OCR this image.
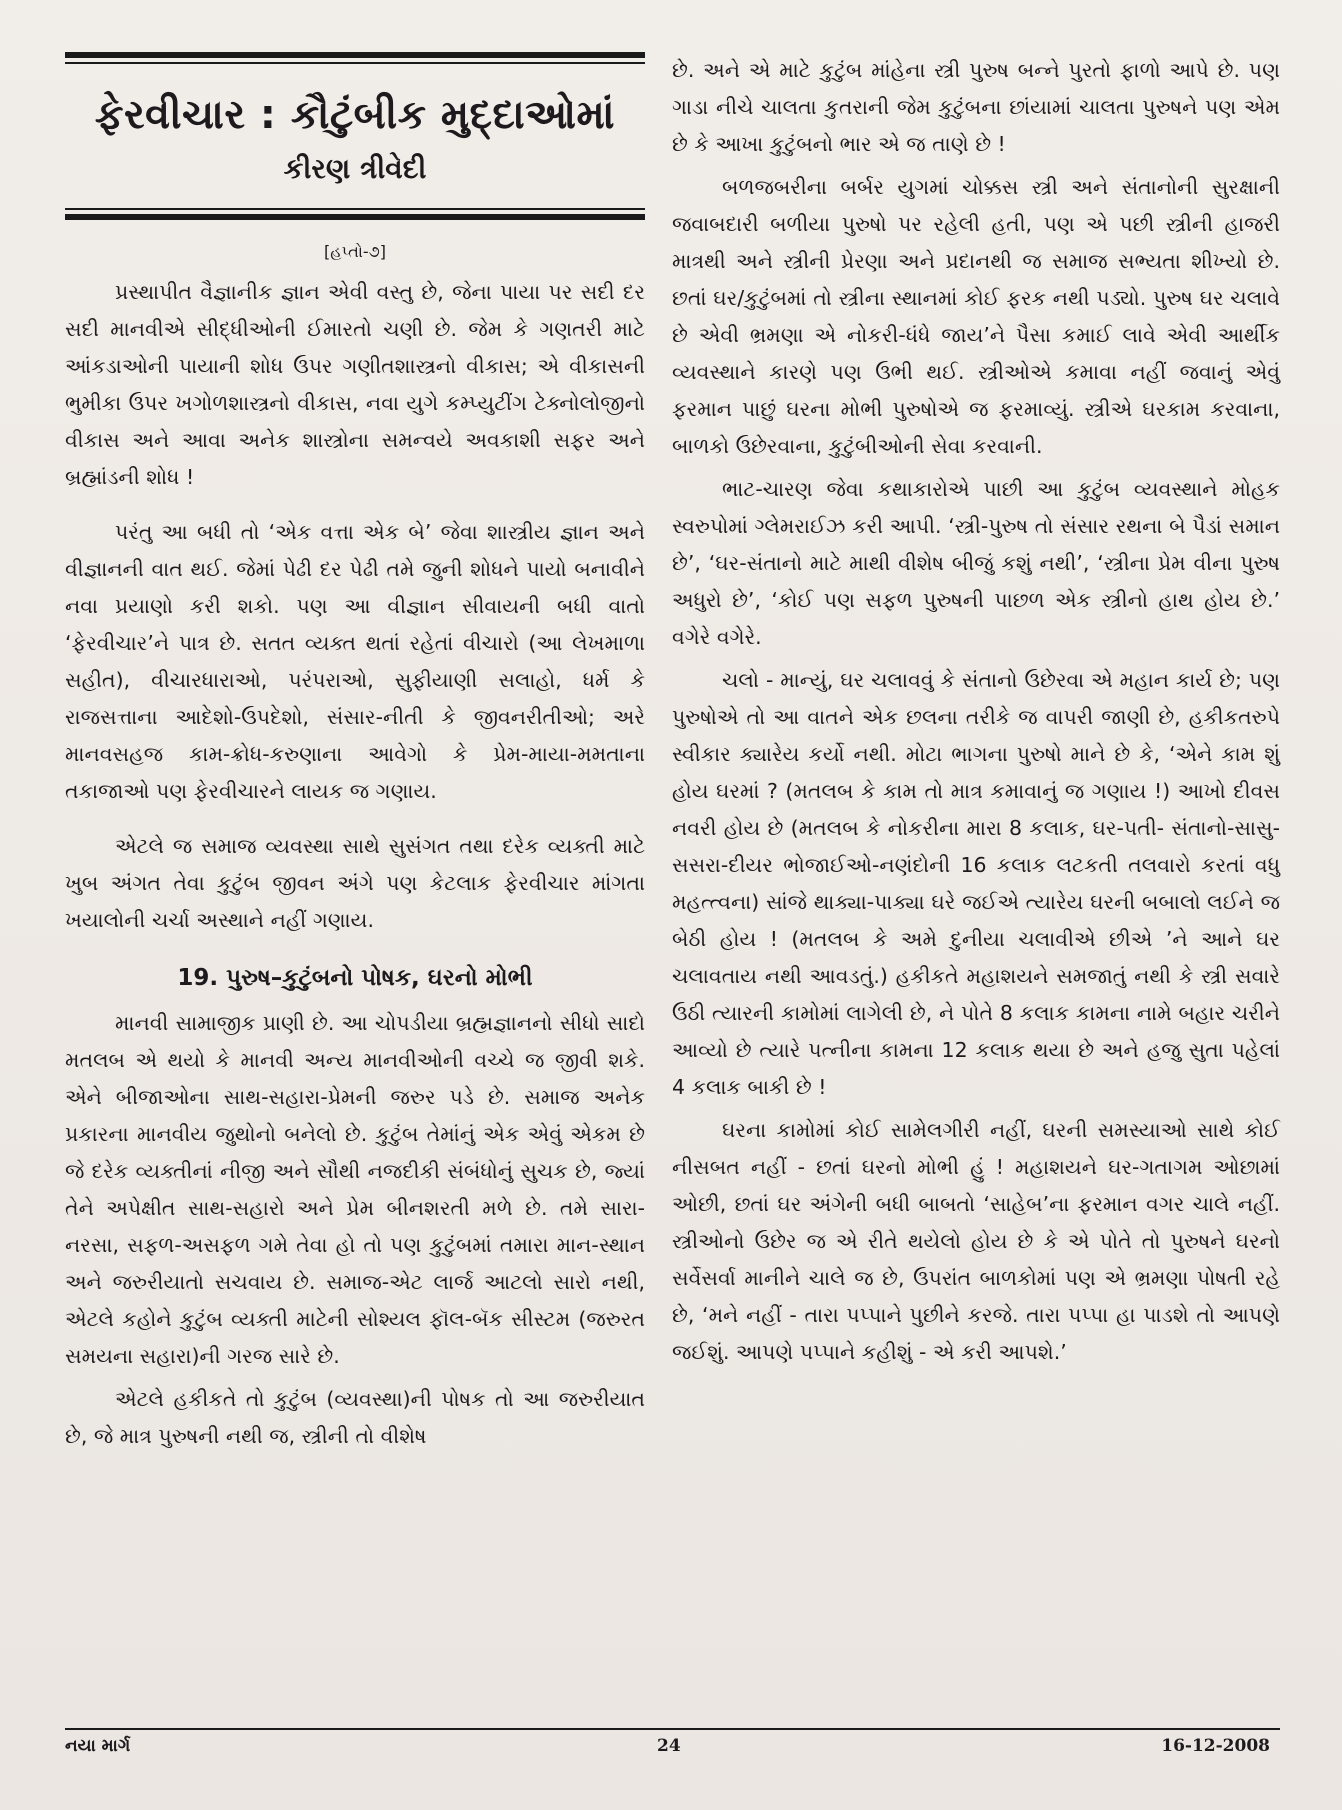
ફેરવીચાર : કૌટુંબીક મુદ્દાઓમાં
કીરણ ત્રીવેદી
[હપ્તો-૭]

પ્રસ્થાપીત વૈજ્ઞાનીક જ્ઞાન એવી વસ્તુ છે, જેના પાયા પર સદી દર સદી માનવીએ સીદ્ધીઓની ઈમારતો ચણી છે. જેમ કે ગણતરી માટે આંકડાઓની પાયાની શોધ ઉપર ગણીતશાસ્ત્રનો વીકાસ; એ વીકાસની ભુમીકા ઉપર ખગોળશાસ્ત્રનો વીકાસ, નવા યુગે કમ્પ્યુટીંગ ટેક્નોલોજીનો વીકાસ અને આવા અનેક શાસ્ત્રોના સમન્વયે અવકાશી સફર અને બ્રહ્માંડની શોધ !

પરંતુ આ બધી તો ‘એક વત્તા એક બે’ જેવા શાસ્ત્રીય જ્ઞાન અને વીજ્ઞાનની વાત થઈ. જેમાં પેઢી દર પેઢી તમે જુની શોધને પાયો બનાવીને નવા પ્રયાણો કરી શકો. પણ આ વીજ્ઞાન સીવાયની બધી વાતો ‘ફેરવીચાર’ને પાત્ર છે. સતત વ્યક્ત થતાં રહેતાં વીચારો (આ લેખમાળા સહીત), વીચારધારાઓ, પરંપરાઓ, સુફીયાણી સલાહો, ધર્મ કે રાજસત્તાના આદેશો-ઉપદેશો, સંસાર-નીતી કે જીવનરીતીઓ; અરે માનવસહજ કામ-ક્રોધ-કરુણાના આવેગો કે પ્રેમ-માયા-મમતાના તકાજાઓ પણ ફેરવીચારને લાયક જ ગણાય.

એટલે જ સમાજ વ્યવસ્થા સાથે સુસંગત તથા દરેક વ્યક્તી માટે ખુબ અંગત તેવા કુટુંબ જીવન અંગે પણ કેટલાક ફેરવીચાર માંગતા ખયાલોની ચર્ચા અસ્થાને નહીં ગણાય.

19. પુરુષ–કુટુંબનો પોષક, ઘરનો મોભી

માનવી સામાજીક પ્રાણી છે. આ ચોપડીયા બ્રહ્મજ્ઞાનનો સીધો સાદો મતલબ એ થયો કે માનવી અન્ય માનવીઓની વચ્ચે જ જીવી શકે. એને બીજાઓના સાથ-સહારા-પ્રેમની જરુર પડે છે. સમાજ અનેક પ્રકારના માનવીય જુથોનો બનેલો છે. કુટુંબ તેમાંનું એક એવું એકમ છે જે દરેક વ્યક્તીનાં નીજી અને સૌથી નજદીકી સંબંધોનું સુચક છે, જ્યાં તેને અપેક્ષીત સાથ-સહારો અને પ્રેમ બીનશરતી મળે છે. તમે સારા-નરસા, સફળ-અસફળ ગમે તેવા હો તો પણ કુટુંબમાં તમારા માન-સ્થાન અને જરુરીયાતો સચવાય છે. સમાજ-એટ લાર્જ આટલો સારો નથી, એટલે કહોને કુટુંબ વ્યક્તી માટેની સોશ્યલ ફૉલ-બૅક સીસ્ટમ (જરુરત સમયના સહારા)ની ગરજ સારે છે.

એટલે હકીકતે તો કુટુંબ (વ્યવસ્થા)ની પોષક તો આ જરુરીયાત છે, જે માત્ર પુરુષની નથી જ, સ્ત્રીની તો વીશેષ

છે. અને એ માટે કુટુંબ માંહેના સ્ત્રી પુરુષ બન્ને પુરતો ફાળો આપે છે. પણ ગાડા નીચે ચાલતા કુતરાની જેમ કુટુંબના છાંયામાં ચાલતા પુરુષને પણ એમ છે કે આખા કુટુંબનો ભાર એ જ તાણે છે !

બળજબરીના બર્બર યુગમાં ચોક્કસ સ્ત્રી અને સંતાનોની સુરક્ષાની જવાબદારી બળીયા પુરુષો પર રહેલી હતી, પણ એ પછી સ્ત્રીની હાજરી માત્રથી અને સ્ત્રીની પ્રેરણા અને પ્રદાનથી જ સમાજ સભ્યતા શીખ્યો છે. છતાં ઘર/કુટુંબમાં તો સ્ત્રીના સ્થાનમાં કોઈ ફરક નથી પડ્યો. પુરુષ ઘર ચલાવે છે એવી ભ્રમણા એ નોકરી-ધંધે જાય’ને પૈસા કમાઈ લાવે એવી આર્થીક વ્યવસ્થાને કારણે પણ ઉભી થઈ. સ્ત્રીઓએ કમાવા નહીં જવાનું એવું ફરમાન પાછું ઘરના મોભી પુરુષોએ જ ફરમાવ્યું. સ્ત્રીએ ઘરકામ કરવાના, બાળકો ઉછેરવાના, કુટુંબીઓની સેવા કરવાની.

ભાટ-ચારણ જેવા કથાકારોએ પાછી આ કુટુંબ વ્યવસ્થાને મોહક સ્વરુપોમાં ગ્લેમરાઈઝ કરી આપી. ‘સ્ત્રી-પુરુષ તો સંસાર રથના બે પૈડાં સમાન છે’, ‘ઘર-સંતાનો માટે માથી વીશેષ બીજું કશું નથી’, ‘સ્ત્રીના પ્રેમ વીના પુરુષ અધુરો છે’, ‘કોઈ પણ સફળ પુરુષની પાછળ એક સ્ત્રીનો હાથ હોય છે.’ વગેરે વગેરે.

ચલો - માન્યું, ઘર ચલાવવું કે સંતાનો ઉછેરવા એ મહાન કાર્ય છે; પણ પુરુષોએ તો આ વાતને એક છલના તરીકે જ વાપરી જાણી છે, હકીકતરુપે સ્વીકાર ક્યારેય કર્યો નથી. મોટા ભાગના પુરુષો માને છે કે, ‘એને કામ શું હોય ઘરમાં ? (મતલબ કે કામ તો માત્ર કમાવાનું જ ગણાય !) આખો દીવસ નવરી હોય છે (મતલબ કે નોકરીના મારા 8 કલાક, ઘર-પતી- સંતાનો-સાસુ-સસરા-દીયર ભોજાઈઓ-નણંદોની 16 કલાક લટકતી તલવારો કરતાં વધુ મહત્ત્વના) સાંજે થાક્યા-પાક્યા ઘરે જઈએ ત્યારેય ઘરની બબાલો લઈને જ બેઠી હોય ! (મતલબ કે અમે દુનીયા ચલાવીએ છીએ ’ને આને ઘર ચલાવતાય નથી આવડતું.) હકીકતે મહાશયને સમજાતું નથી કે સ્ત્રી સવારે ઉઠી ત્યારની કામોમાં લાગેલી છે, ને પોતે 8 કલાક કામના નામે બહાર ચરીને આવ્યો છે ત્યારે પત્નીના કામના 12 કલાક થયા છે અને હજુ સુતા પહેલાં 4 કલાક બાકી છે !

ઘરના કામોમાં કોઈ સામેલગીરી નહીં, ઘરની સમસ્યાઓ સાથે કોઈ નીસબત નહીં - છતાં ઘરનો મોભી હું ! મહાશયને ઘર-ગતાગમ ઓછામાં ઓછી, છતાં ઘર અંગેની બધી બાબતો ‘સાહેબ’ના ફરમાન વગર ચાલે નહીં. સ્ત્રીઓનો ઉછેર જ એ રીતે થયેલો હોય છે કે એ પોતે તો પુરુષને ઘરનો સર્વેસર્વા માનીને ચાલે જ છે, ઉપરાંત બાળકોમાં પણ એ ભ્રમણા પોષતી રહે છે, ‘મને નહીં - તારા પપ્પાને પુછીને કરજે. તારા પપ્પા હા પાડશે તો આપણે જઈશું. આપણે પપ્પાને કહીશું - એ કરી આપશે.’

નયા માર્ગ	24	16-12-2008
